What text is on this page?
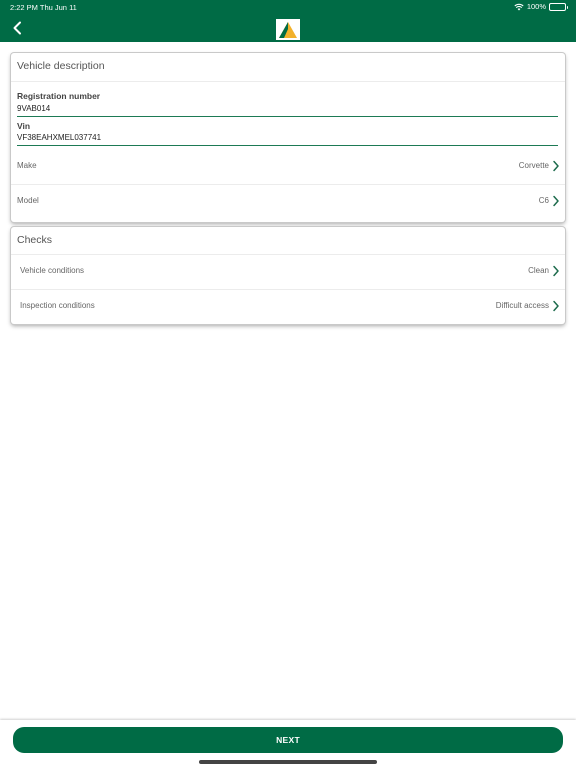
2:22 PM Thu Jun 11	100%
Vehicle description
Registration number
9VAB014
Vin
VF38EAHXMEL037741
Make	Corvette
Model	C6
Checks
Vehicle conditions	Clean
Inspection conditions	Difficult access
NEXT
